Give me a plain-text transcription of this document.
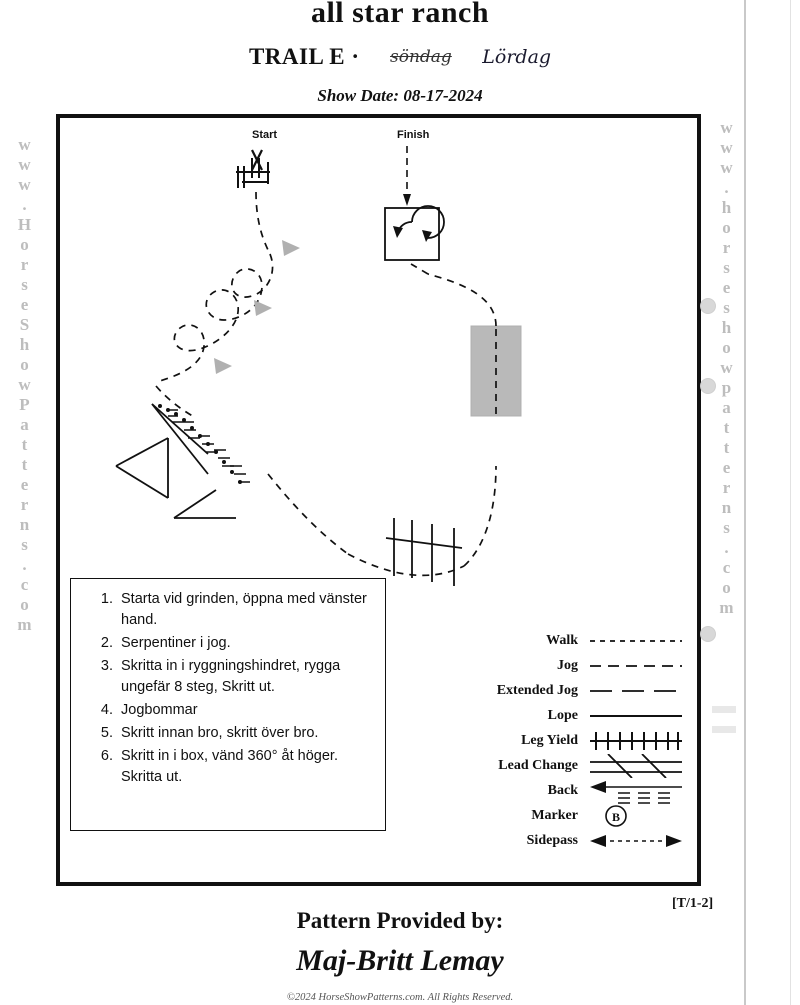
all star ranch
TRAIL E · söndag Lördag
Show Date: 08-17-2024
www.HorseShowPatterns.com	www.horseshowpatterns.com
Start	Finish
1. Starta vid grinden, öppna med vänster hand.
2. Serpentiner i jog.
3. Skritta in i ryggningshindret, rygga ungefär 8 steg, Skritt ut.
4. Jogbommar
5. Skritt innan bro, skritt över bro.
6. Skritt in i box, vänd 360° åt höger. Skritta ut.
Walk
Jog
Extended Jog
Lope
Leg Yield
Lead Change
Back
Marker	B
Sidepass
[T/1-2]
Pattern Provided by:
Maj-Britt Lemay
©2024 HorseShowPatterns.com. All Rights Reserved.
